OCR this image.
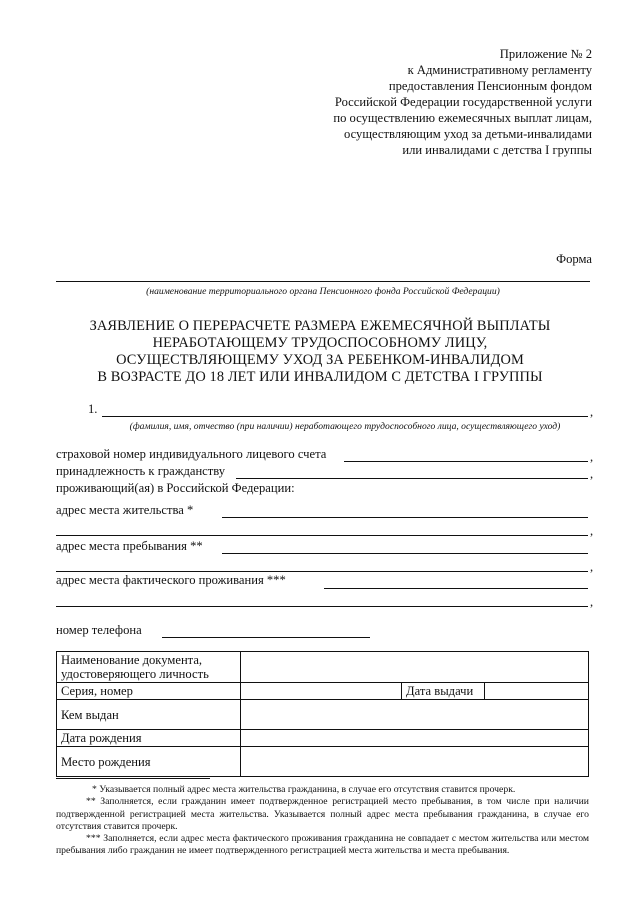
Приложение № 2
к Административному регламенту
предоставления Пенсионным фондом
Российской Федерации государственной услуги
по осуществлению ежемесячных выплат лицам,
осуществляющим уход за детьми-инвалидами
или инвалидами с детства I группы
Форма
(наименование территориального органа Пенсионного фонда Российской Федерации)
ЗАЯВЛЕНИЕ О ПЕРЕРАСЧЕТЕ РАЗМЕРА ЕЖЕМЕСЯЧНОЙ ВЫПЛАТЫ
НЕРАБОТАЮЩЕМУ ТРУДОСПОСОБНОМУ ЛИЦУ,
ОСУЩЕСТВЛЯЮЩЕМУ УХОД ЗА РЕБЕНКОМ-ИНВАЛИДОМ
В ВОЗРАСТЕ ДО 18 ЛЕТ ИЛИ ИНВАЛИДОМ С ДЕТСТВА I ГРУППЫ
1.	,
(фамилия, имя, отчество (при наличии) неработающего трудоспособного лица, осуществляющего уход)
страховой номер индивидуального лицевого счета	,
принадлежность к гражданству	,
проживающий(ая) в Российской Федерации:
адрес места жительства *
,
адрес места пребывания **
,
адрес места фактического проживания ***
,
номер телефона
Наименование документа, удостоверяющего личность			
Серия, номер		Дата выдачи	
Кем выдан			
Дата рождения			
Место рождения			

* Указывается полный адрес места жительства гражданина, в случае его отсутствия ставится прочерк.

** Заполняется, если гражданин имеет подтвержденное регистрацией место пребывания, в том числе при наличии подтвержденной регистрацией места жительства. Указывается полный адрес места пребывания гражданина, в случае его отсутствия ставится прочерк.

*** Заполняется, если адрес места фактического проживания гражданина не совпадает с местом жительства или местом пребывания либо гражданин не имеет подтвержденного регистрацией места жительства и места пребывания.
